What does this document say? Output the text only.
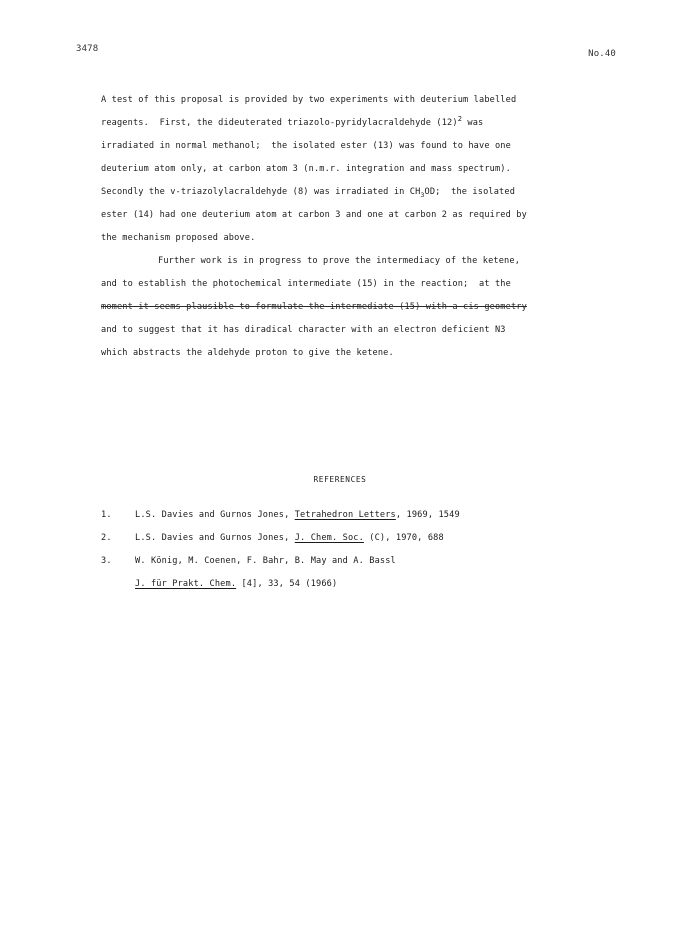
3478	No.40
A test of this proposal is provided by two experiments with deuterium labelled
reagents.  First, the dideuterated triazolo-pyridylacraldehyde $(12)^2$ was
irradiated in normal methanol;  the isolated ester (13) was found to have one
deuterium atom only, at carbon atom 3 (n.m.r. integration and mass spectrum).
Secondly the v-triazolylacraldehyde (8) was irradiated in $CH_3OD$;  the isolated
ester (14) had one deuterium atom at carbon 3 and one at carbon 2 as required by
the mechanism proposed above.
Further work is in progress to prove the intermediacy of the ketene,
and to establish the photochemical intermediate (15) in the reaction;  at the
moment it seems plausible to formulate the intermediate (15) with a cis geometry
and to suggest that it has diradical character with an electron deficient N3
which abstracts the aldehyde proton to give the ketene.
REFERENCES
1.	L.S. Davies and Gurnos Jones, Tetrahedron Letters, 1969, 1549
2.	L.S. Davies and Gurnos Jones, J. Chem. Soc. (C), 1970, 688
3.	W. König, M. Coenen, F. Bahr, B. May and A. Bassl
J. für Prakt. Chem. [4], 33, 54 (1966)
